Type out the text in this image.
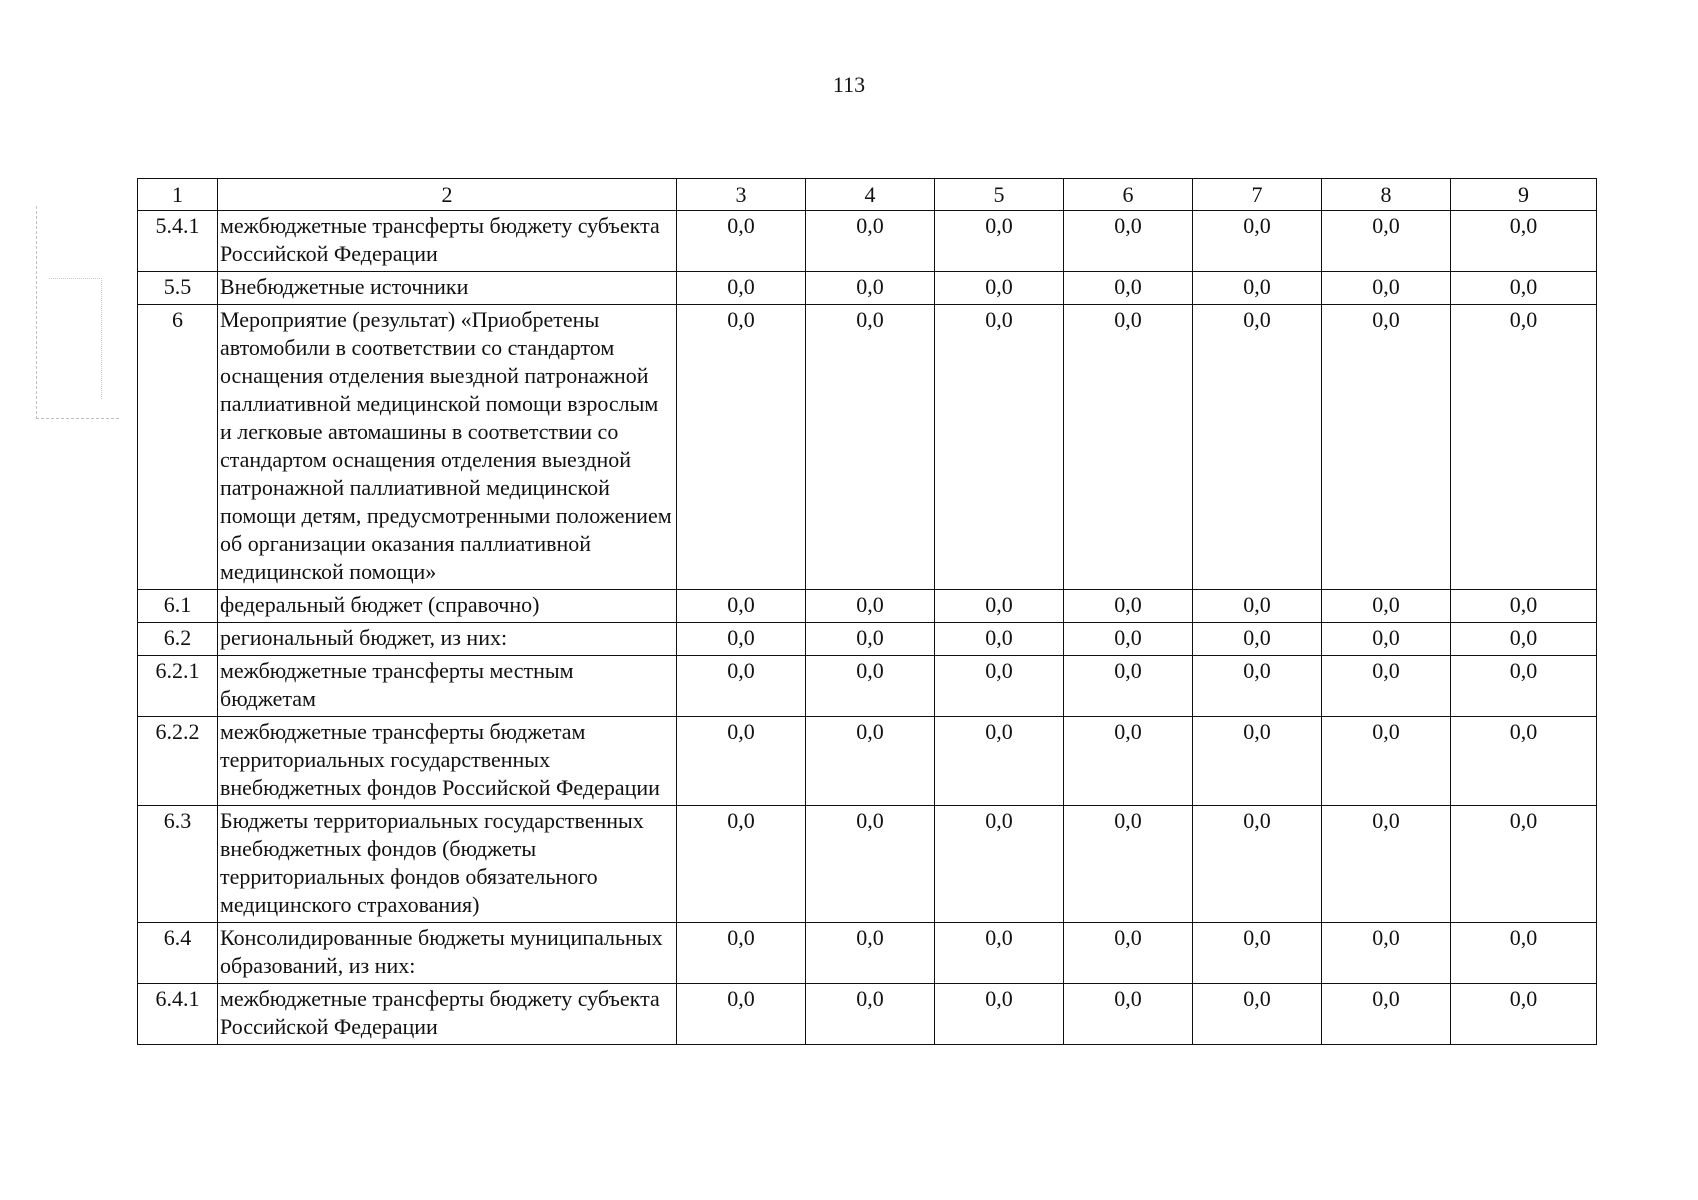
113
1	2	3	4	5	6	7	8	9
5.4.1	межбюджетные трансферты бюджету субъекта Российской Федерации	0,0	0,0	0,0	0,0	0,0	0,0	0,0
5.5	Внебюджетные источники	0,0	0,0	0,0	0,0	0,0	0,0	0,0
6	Мероприятие (результат) «Приобретены автомобили в соответствии со стандартом оснащения отделения выездной патронажной паллиативной медицинской помощи взрослым и легковые автомашины в соответствии со стандартом оснащения отделения выездной патронажной паллиативной медицинской помощи детям, предусмотренными положением об организации оказания паллиативной медицинской помощи»	0,0	0,0	0,0	0,0	0,0	0,0	0,0
6.1	федеральный бюджет (справочно)	0,0	0,0	0,0	0,0	0,0	0,0	0,0
6.2	региональный бюджет, из них:	0,0	0,0	0,0	0,0	0,0	0,0	0,0
6.2.1	межбюджетные трансферты местным бюджетам	0,0	0,0	0,0	0,0	0,0	0,0	0,0
6.2.2	межбюджетные трансферты бюджетам территориальных государственных внебюджетных фондов Российской Федерации	0,0	0,0	0,0	0,0	0,0	0,0	0,0
6.3	Бюджеты территориальных государственных внебюджетных фондов (бюджеты территориальных фондов обязательного медицинского страхования)	0,0	0,0	0,0	0,0	0,0	0,0	0,0
6.4	Консолидированные бюджеты муниципальных образований, из них:	0,0	0,0	0,0	0,0	0,0	0,0	0,0
6.4.1	межбюджетные трансферты бюджету субъекта Российской Федерации	0,0	0,0	0,0	0,0	0,0	0,0	0,0
